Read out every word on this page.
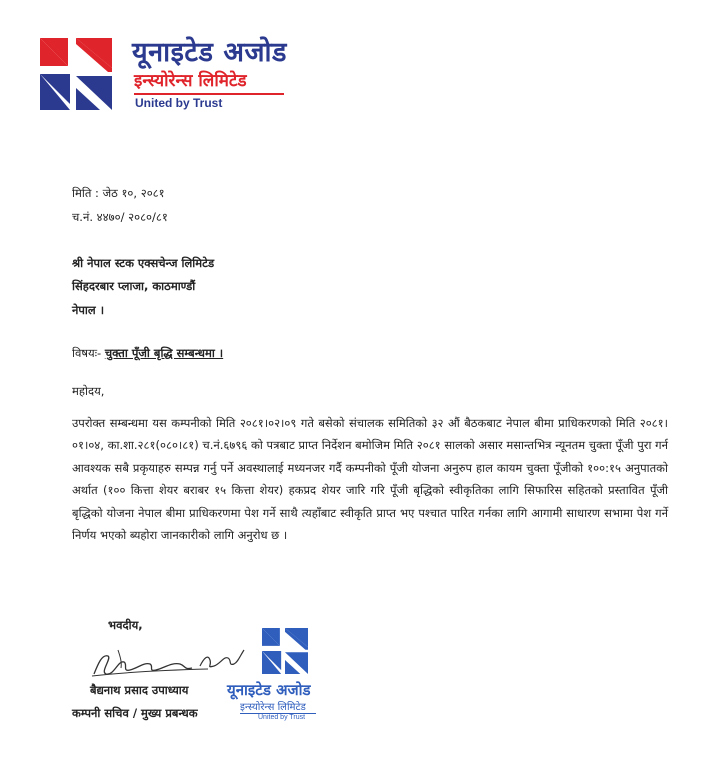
यूनाइटेड अजोड
इन्स्योरेन्स लिमिटेड
United by Trust
मिति : जेठ १०, २०८१
च.नं. ४४७०/ २०८०/८१
श्री नेपाल स्टक एक्सचेन्ज लिमिटेड
सिंहदरबार प्लाजा, काठमाण्डौं
नेपाल ।
विषयः- चुक्ता पूँजी बृद्धि सम्बन्धमा ।
महोदय,
उपरोक्त सम्बन्धमा यस कम्पनीको मिति २०८१।०२।०९ गते बसेको संचालक समितिको ३२ औं बैठकबाट नेपाल बीमा प्राधिकरणको मिति २०८१।०१।०४, का.शा.२८१(०८०।८१) च.नं.६७९६ को पत्रबाट प्राप्त निर्देशन बमोजिम मिति २०८१ सालको असार मसान्तभित्र न्यूनतम चुक्ता पूँजी पुरा गर्न आवश्यक सबै प्रकृयाहरु सम्पन्न गर्नु पर्ने अवस्थालाई मध्यनजर गर्दै कम्पनीको पूँजी योजना अनुरुप हाल कायम चुक्ता पूँजीको १००:१५ अनुपातको अर्थात (१०० कित्ता शेयर बराबर १५ कित्ता शेयर) हकप्रद शेयर जारि गरि पूँजी बृद्धिको स्वीकृतिका लागि सिफारिस सहितको प्रस्तावित पूँजी बृद्धिको योजना नेपाल बीमा प्राधिकरणमा पेश गर्ने साथै त्यहाँबाट स्वीकृति प्राप्त भए पश्चात पारित गर्नका लागि आगामी साधारण सभामा पेश गर्ने निर्णय भएको ब्यहोरा जानकारीको लागि अनुरोध छ ।
भवदीय,
बैद्यनाथ प्रसाद उपाध्याय
कम्पनी सचिव / मुख्य प्रबन्धक
यूनाइटेड अजोड
इन्स्योरेन्स लिमिटेड
United by Trust
